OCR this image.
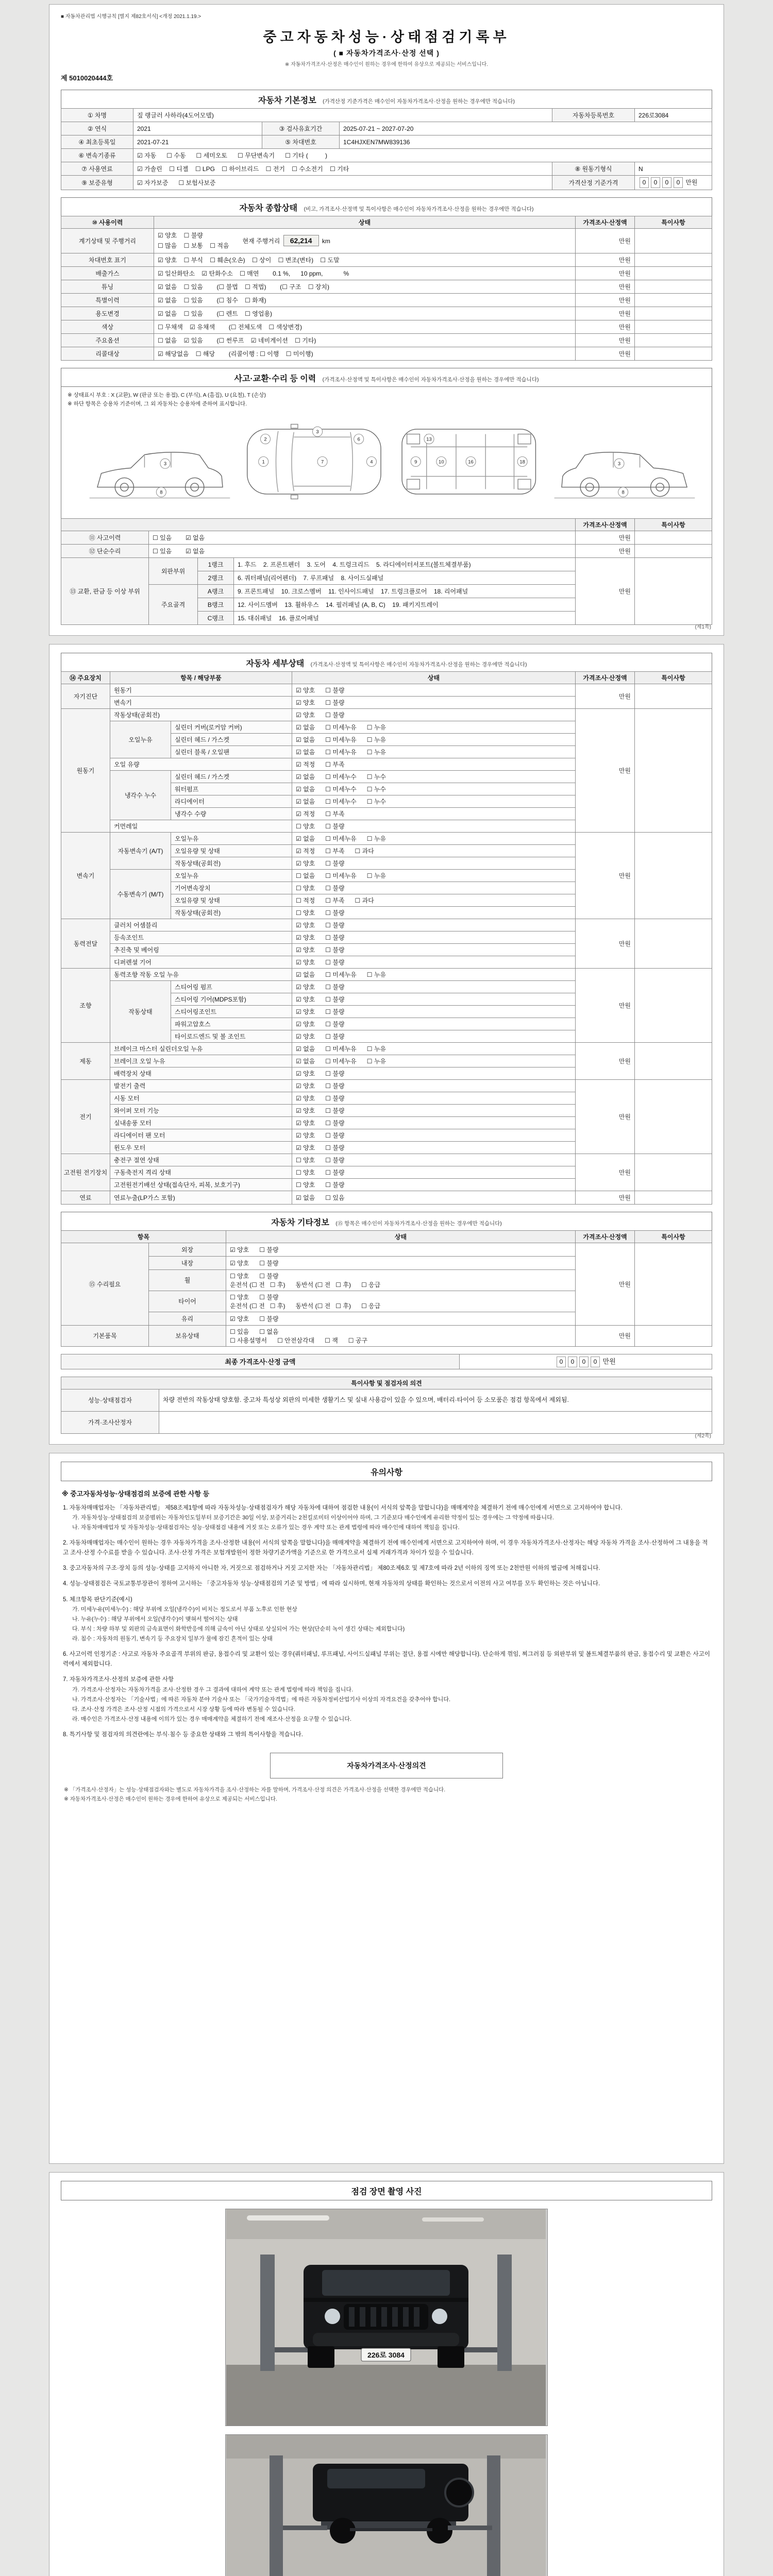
■ 자동차관리법 시행규칙 [별지 제82호서식] <개정 2021.1.19.>
중고자동차성능·상태점검기록부
( ■ 자동차가격조사·산정 선택 )
※ 자동차가격조사·산정은 매수인이 원하는 경우에 한하여 유상으로 제공되는 서비스입니다.
제 5010020444호
자동차 기본정보 (가격산정 기준가격은 매수인이 자동차가격조사·산정을 원하는 경우에만 적습니다)
① 차명	짚 랭글러 사하라(4도어모델)			자동차등록번호	226로3084
② 연식	2021	③ 검사유효기간	2025-07-21 ~ 2027-07-20		
④ 최초등록일	2021-07-21	⑤ 차대번호	1C4HJXEN7MW839136		
⑥ 변속기종류	☑ 자동      ☐ 수동      ☐ 세미오토      ☐ 무단변속기      ☐ 기타 (          )				
⑦ 사용연료	☑ 가솔린    ☐ 디젤    ☐ LPG    ☐ 하이브리드    ☐ 전기    ☐ 수소전기    ☐ 기타			⑧ 원동기형식	N
⑨ 보증유형	☑ 자가보증      ☐ 보험사보증			가격산정 기준가격	0 0 0 0 만원
자동차 종합상태 (비고, 가격조사·산정액 및 특이사항은 매수인이 자동차가격조사·산정을 원하는 경우에만 적습니다)
⑩ 사용이력	상태	가격조사·산정액	특이사항
계기상태 및 주행거리	☑ 양호    ☐ 불량
☐ 많음    ☐ 보통    ☐ 적음
현재 주행거리 62,214 km	만원	
차대번호 표기	☑ 양호    ☐ 부식    ☐ 훼손(오손)    ☐ 상이    ☐ 변조(변타)    ☐ 도말	만원	
배출가스	☑ 일산화탄소    ☑ 탄화수소    ☐ 매연        0.1 %,      10 ppm,            %	만원	
튜닝	☑ 없음    ☐ 있음        (☐ 불법    ☐ 적법)        (☐ 구조    ☐ 장치)	만원	
특별이력	☑ 없음    ☐ 있음        (☐ 침수    ☐ 화재)	만원	
용도변경	☑ 없음    ☐ 있음        (☐ 렌트    ☐ 영업용)	만원	
색상	☐ 무채색    ☑ 유채색        (☐ 전체도색    ☐ 색상변경)	만원	
주요옵션	☐ 없음    ☑ 있음        (☐ 썬루프    ☑ 네비게이션    ☐ 기타)	만원	
리콜대상	☑ 해당없음    ☐ 해당        (리콜이행 : ☐ 이행    ☐ 미이행)	만원	
사고·교환·수리 등 이력 (가격조사·산정액 및 특이사항은 매수인이 자동차가격조사·산정을 원하는 경우에만 적습니다)
※ 상태표시 부호 : X (교환), W (판금 또는 용접), C (부식), A (흠집), U (요철), T (손상)
※ 하단 항목은 승용차 기준이며, 그 외 자동차는 승용차에 준하여 표시합니다.
1
2
3
4
6
7	9	10	16
13
18
3
8
3
8
				가격조사·산정액	특이사항
⑪ 사고이력	☐ 있음        ☑ 없음			만원	
⑫ 단순수리	☐ 있음        ☑ 없음			만원	
⑬ 교환, 판금 등 이상 부위	외판부위	1랭크	1. 후드    2. 프론트펜더    3. 도어    4. 트렁크리드    5. 라디에이터서포트(볼트체결부품)	만원	
		2랭크	6. 쿼터패널(리어펜더)    7. 루프패널    8. 사이드실패널		
	주요골격	A랭크	9. 프론트패널    10. 크로스멤버    11. 인사이드패널    17. 트렁크플로어    18. 리어패널		
		B랭크	12. 사이드멤버    13. 휠하우스    14. 필러패널 (A, B, C)    19. 패키지트레이		
		C랭크	15. 대쉬패널    16. 플로어패널		
(제1쪽)
자동차 세부상태 (가격조사·산정액 및 특이사항은 매수인이 자동차가격조사·산정을 원하는 경우에만 적습니다)
⑭ 주요장치	항목 / 해당부품		상태	가격조사·산정액	특이사항
자기진단	원동기		☑ 양호      ☐ 불량	만원	
	변속기		☑ 양호      ☐ 불량		
원동기	작동상태(공회전)		☑ 양호      ☐ 불량	만원	
	오일누유	실린더 커버(로커암 커버)	☑ 없음      ☐ 미세누유      ☐ 누유		
		실린더 헤드 / 가스켓	☑ 없음      ☐ 미세누유      ☐ 누유		
		실린더 블록 / 오일팬	☑ 없음      ☐ 미세누유      ☐ 누유		
	오일 유량		☑ 적정      ☐ 부족		
	냉각수 누수	실린더 헤드 / 가스켓	☑ 없음      ☐ 미세누수      ☐ 누수		
		워터펌프	☑ 없음      ☐ 미세누수      ☐ 누수		
		라디에이터	☑ 없음      ☐ 미세누수      ☐ 누수		
		냉각수 수량	☑ 적정      ☐ 부족		
	커먼레일		☐ 양호      ☐ 불량		
변속기	자동변속기 (A/T)	오일누유	☑ 없음      ☐ 미세누유      ☐ 누유	만원	
		오일유량 및 상태	☑ 적정      ☐ 부족      ☐ 과다		
		작동상태(공회전)	☑ 양호      ☐ 불량		
	수동변속기 (M/T)	오일누유	☐ 없음      ☐ 미세누유      ☐ 누유		
		기어변속장치	☐ 양호      ☐ 불량		
		오일유량 및 상태	☐ 적정      ☐ 부족      ☐ 과다		
		작동상태(공회전)	☐ 양호      ☐ 불량		
동력전달	클러치 어셈블리		☑ 양호      ☐ 불량	만원	
	등속조인트		☑ 양호      ☐ 불량		
	추진축 및 베어링		☑ 양호      ☐ 불량		
	디퍼렌셜 기어		☑ 양호      ☐ 불량		
조향	동력조향 작동 오일 누유		☑ 없음      ☐ 미세누유      ☐ 누유	만원	
	작동상태	스티어링 펌프	☑ 양호      ☐ 불량		
		스티어링 기어(MDPS포함)	☑ 양호      ☐ 불량		
		스티어링조인트	☑ 양호      ☐ 불량		
		파워고압호스	☑ 양호      ☐ 불량		
		타이로드엔드 및 볼 조인트	☑ 양호      ☐ 불량		
제동	브레이크 마스터 실린더오일 누유		☑ 없음      ☐ 미세누유      ☐ 누유	만원	
	브레이크 오일 누유		☑ 없음      ☐ 미세누유      ☐ 누유		
	배력장치 상태		☑ 양호      ☐ 불량		
전기	발전기 출력		☑ 양호      ☐ 불량	만원	
	시동 모터		☑ 양호      ☐ 불량		
	와이퍼 모터 기능		☑ 양호      ☐ 불량		
	실내송풍 모터		☑ 양호      ☐ 불량		
	라디에이터 팬 모터		☑ 양호      ☐ 불량		
	윈도우 모터		☑ 양호      ☐ 불량		
고전원 전기장치	충전구 절연 상태		☐ 양호      ☐ 불량	만원	
	구동축전지 격리 상태		☐ 양호      ☐ 불량		
	고전원전기배선 상태(접속단자, 피복, 보호기구)		☐ 양호      ☐ 불량		
연료	연료누출(LP가스 포함)		☑ 없음      ☐ 있음	만원	
자동차 기타정보 (⑮ 항목은 매수인이 자동차가격조사·산정을 원하는 경우에만 적습니다)
항목		상태	가격조사·산정액	특이사항
⑮ 수리필요	외장	☑ 양호      ☐ 불량	만원	
	내장	☑ 양호      ☐ 불량		

	휠	☐ 양호      ☐ 불량
운전석 (☐ 전   ☐ 후)      동반석 (☐ 전   ☐ 후)      ☐ 응급		

	타이어	☐ 양호      ☐ 불량
운전석 (☐ 전   ☐ 후)      동반석 (☐ 전   ☐ 후)      ☐ 응급		

	유리	☑ 양호      ☐ 불량		

기본품목	보유상태	☐ 있음      ☐ 없음
☐ 사용설명서      ☐ 안전삼각대      ☐ 잭      ☐ 공구	만원	
최종 가격조사·산정 금액	0 0 0 0 만원
특이사항 및 점검자의 의견	
성능·상태점검자	차량 전반의 작동상태 양호함. 중고차 특성상 외판의 미세한 생활기스 및 실내 사용감이 있을 수 있으며, 배터리·타이어 등 소모품은 점검 항목에서 제외됨.
가격·조사산정자	
(제2쪽)
유의사항
※ 중고자동차성능·상태점검의 보증에 관한 사항 등
1. 자동차매매업자는 「자동차관리법」 제58조제1항에 따라 자동차성능·상태점검자가 해당 자동차에 대하여 점검한 내용(이 서식의 앞쪽을 말합니다)을 매매계약을 체결하기 전에 매수인에게 서면으로 고지하여야 합니다.
가. 자동차성능·상태점검의 보증범위는 자동차인도일부터 보증기간은 30일 이상, 보증거리는 2천킬로미터 이상이어야 하며, 그 기준보다 매수인에게 유리한 약정이 있는 경우에는 그 약정에 따릅니다.
나. 자동차매매업자 및 자동차성능·상태점검자는 성능·상태점검 내용에 거짓 또는 오류가 있는 경우 계약 또는 관계 법령에 따라 매수인에 대하여 책임을 집니다.
2. 자동차매매업자는 매수인이 원하는 경우 자동차가격을 조사·산정한 내용(이 서식의 앞쪽을 말합니다)을 매매계약을 체결하기 전에 매수인에게 서면으로 고지하여야 하며, 이 경우 자동차가격조사·산정자는 해당 자동차 가격을 조사·산정하여 그 내용을 적고 조사·산정 수수료를 받을 수 있습니다. 조사·산정 가격은 보험개발원이 정한 차량기준가액을 기준으로 한 가격으로서 실제 거래가격과 차이가 있을 수 있습니다.
3. 중고자동차의 구조·장치 등의 성능·상태를 고지하지 아니한 자, 거짓으로 점검하거나 거짓 고지한 자는 「자동차관리법」 제80조제6호 및 제7호에 따라 2년 이하의 징역 또는 2천만원 이하의 벌금에 처해집니다.
4. 성능·상태점검은 국토교통부장관이 정하여 고시하는 「중고자동차 성능·상태점검의 기준 및 방법」에 따라 실시하며, 현재 자동차의 상태를 확인하는 것으로서 이전의 사고 여부를 모두 확인하는 것은 아닙니다.
5. 체크항목 판단기준(예시)
가. 미세누유(미세누수) : 해당 부위에 오일(냉각수)이 비치는 정도로서 부품 노후로 인한 현상
나. 누유(누수) : 해당 부위에서 오일(냉각수)이 맺혀서 떨어지는 상태
다. 부식 : 차량 하부 및 외판의 금속표면이 화학반응에 의해 금속이 아닌 상태로 상실되어 가는 현상(단순히 녹이 생긴 상태는 제외합니다)
라. 침수 : 자동차의 원동기, 변속기 등 주요장치 일부가 물에 잠긴 흔적이 있는 상태
6. 사고이력 인정기준 : 사고로 자동차 주요골격 부위의 판금, 용접수리 및 교환이 있는 경우(쿼터패널, 루프패널, 사이드실패널 부위는 절단, 용접 시에만 해당합니다). 단순하게 꺾임, 찌그러짐 등 외판부위 및 볼트체결부품의 판금, 용접수리 및 교환은 사고이력에서 제외합니다.
7. 자동차가격조사·산정의 보증에 관한 사항
가. 가격조사·산정자는 자동차가격을 조사·산정한 경우 그 결과에 대하여 계약 또는 관계 법령에 따라 책임을 집니다.
나. 가격조사·산정자는 「기술사법」에 따른 자동차 분야 기술사 또는 「국가기술자격법」에 따른 자동차정비산업기사 이상의 자격요건을 갖추어야 합니다.
다. 조사·산정 가격은 조사·산정 시점의 가격으로서 시장 상황 등에 따라 변동될 수 있습니다.
라. 매수인은 가격조사·산정 내용에 이의가 있는 경우 매매계약을 체결하기 전에 재조사·산정을 요구할 수 있습니다.
8. 특기사항 및 점검자의 의견란에는 부식·침수 등 중요한 상태와 그 밖의 특이사항을 적습니다.
자동차가격조사·산정의견
※ 「가격조사·산정자」는 성능·상태점검자와는 별도로 자동차가격을 조사·산정하는 자를 말하며, 가격조사·산정 의견은 가격조사·산정을 선택한 경우에만 적습니다.
※ 자동차가격조사·산정은 매수인이 원하는 경우에 한하여 유상으로 제공되는 서비스입니다.
점검 장면 촬영 사진
226로 3084
